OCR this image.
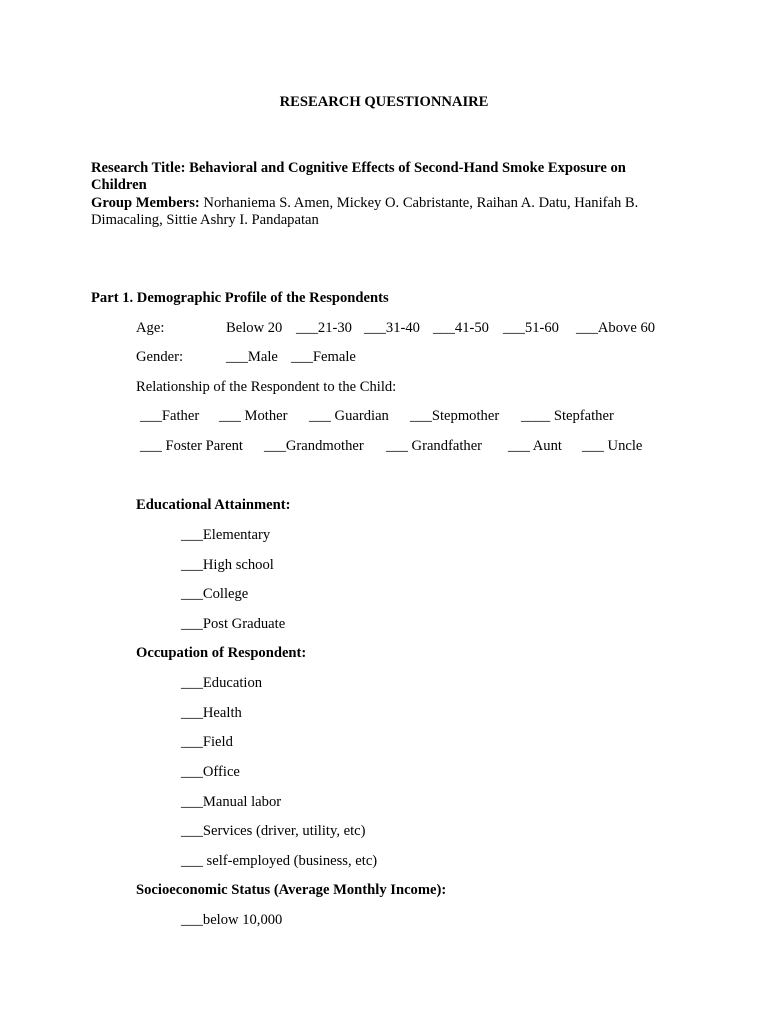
RESEARCH QUESTIONNAIRE
Research Title: Behavioral and Cognitive Effects of Second-Hand Smoke Exposure on Children
Group Members: Norhaniema S. Amen, Mickey O. Cabristante, Raihan A. Datu, Hanifah B. Dimacaling, Sittie Ashry I. Pandapatan
Part 1. Demographic Profile of the Respondents
Age:	Below 20 ___21-30 ___31-40 ___41-50 ___51-60 ___Above 60
Gender:	___Male ___Female
Relationship of the Respondent to the Child:
___Father ___ Mother ___ Guardian ___Stepmother ____ Stepfather
___ Foster Parent ___Grandmother ___ Grandfather ___ Aunt ___ Uncle
Educational Attainment:
___Elementary
___High school
___College
___Post Graduate
Occupation of Respondent:
___Education
___Health
___Field
___Office
___Manual labor
___Services (driver, utility, etc)
___ self-employed (business, etc)
Socioeconomic Status (Average Monthly Income):
___below 10,000
